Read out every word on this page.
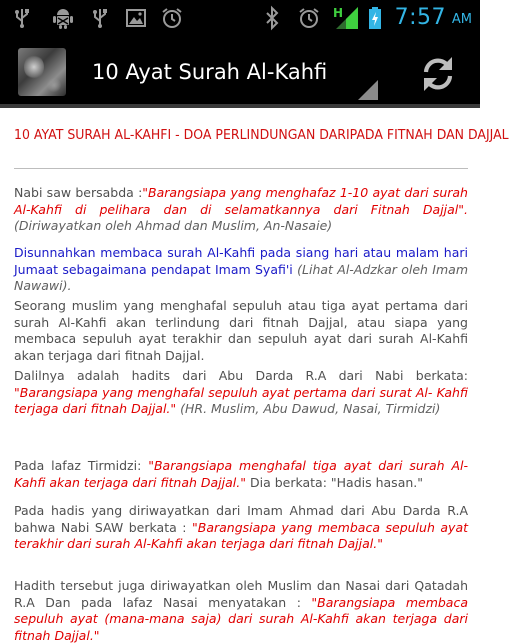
H 7:57 AM
10 Ayat Surah Al-Kahfi
10 AYAT SURAH AL-KAHFI - DOA PERLINDUNGAN DARIPADA FITNAH DAN DAJJAL

Nabi saw bersabda :"Barangsiapa yang menghafaz 1-10 ayat dari surah Al-Kahfi di pelihara dan di selamatkannya dari Fitnah Dajjal". (Diriwayatkan oleh Ahmad dan Muslim, An-Nasaie)

Disunnahkan membaca surah Al-Kahfi pada siang hari atau malam hari Jumaat sebagaimana pendapat Imam Syafi'i (Lihat Al-Adzkar oleh Imam Nawawi).

Seorang muslim yang menghafal sepuluh atau tiga ayat pertama dari surah Al-Kahfi akan terlindung dari fitnah Dajjal, atau siapa yang membaca sepuluh ayat terakhir dan sepuluh ayat dari surah Al-Kahfi akan terjaga dari fitnah Dajjal.

Dalilnya adalah hadits dari Abu Darda R.A dari Nabi berkata: "Barangsiapa yang menghafal sepuluh ayat pertama dari surat Al- Kahfi terjaga dari fitnah Dajjal." (HR. Muslim, Abu Dawud, Nasai, Tirmidzi)

Pada lafaz Tirmidzi: "Barangsiapa menghafal tiga ayat dari surah Al-Kahfi akan terjaga dari fitnah Dajjal." Dia berkata: "Hadis hasan."

Pada hadis yang diriwayatkan dari Imam Ahmad dari Abu Darda R.A bahwa Nabi SAW berkata : "Barangsiapa yang membaca sepuluh ayat terakhir dari surah Al-Kahfi akan terjaga dari fitnah Dajjal."

Hadith tersebut juga diriwayatkan oleh Muslim dan Nasai dari Qatadah R.A Dan pada lafaz Nasai menyatakan : "Barangsiapa membaca sepuluh ayat (mana-mana saja) dari surah Al-Kahfi akan terjaga dari fitnah Dajjal."
